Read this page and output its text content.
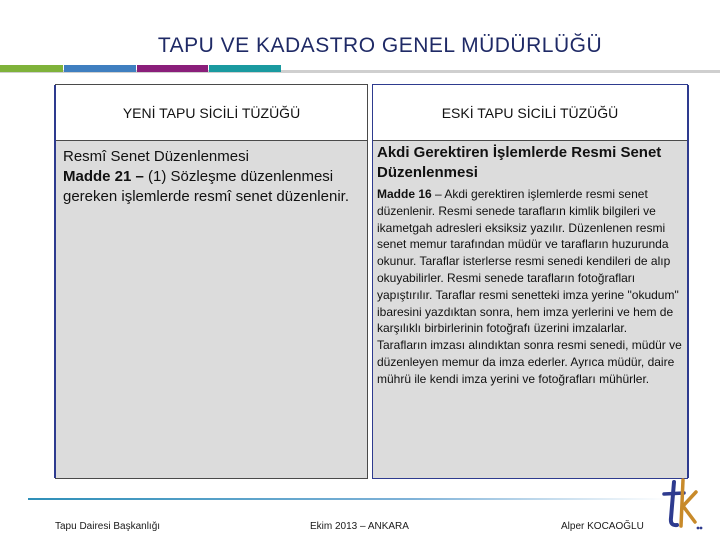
TAPU VE KADASTRO GENEL MÜDÜRLÜĞÜ
YENİ TAPU SİCİLİ TÜZÜĞÜ
Resmî Senet Düzenlenmesi
Madde 21 – (1) Sözleşme düzenlenmesi gereken işlemlerde resmî senet düzenlenir.
ESKİ TAPU SİCİLİ TÜZÜĞÜ
Akdi Gerektiren İşlemlerde Resmi Senet Düzenlenmesi
Madde 16 – Akdi gerektiren işlemlerde resmi senet düzenlenir. Resmi senede tarafların kimlik bilgileri ve ikametgah adresleri eksiksiz yazılır. Düzenlenen resmi senet memur tarafından müdür ve tarafların huzurunda okunur. Taraflar isterlerse resmi senedi kendileri de alıp okuyabilirler. Resmi senede tarafların fotoğrafları yapıştırılır. Taraflar resmi senetteki imza yerine "okudum" ibaresini yazdıktan sonra, hem imza yerlerini ve hem de karşılıklı birbirlerinin fotoğrafı üzerini imzalarlar.
Tarafların imzası alındıktan sonra resmi senedi, müdür ve düzenleyen memur da imza ederler. Ayrıca müdür, daire mührü ile kendi imza yerini ve fotoğrafları mühürler.
Tapu Dairesi Başkanlığı	Ekim 2013 – ANKARA	Alper KOCAOĞLU
